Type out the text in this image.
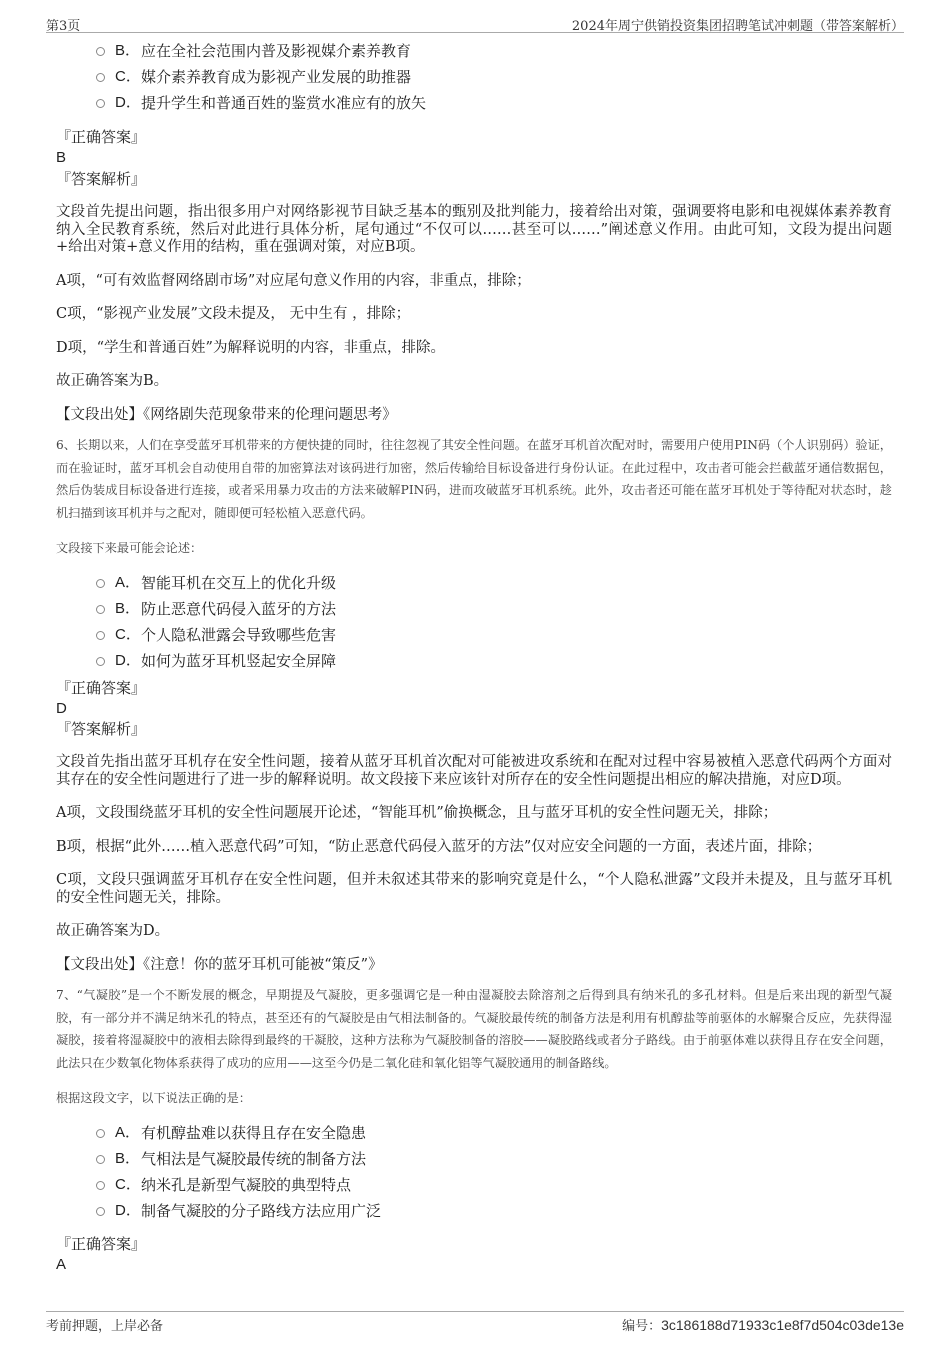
第3页	2024年周宁供销投资集团招聘笔试冲刺题（带答案解析）
B． 应在全社会范围内普及影视媒介素养教育
C． 媒介素养教育成为影视产业发展的助推器
D． 提升学生和普通百姓的鉴赏水准应有的放矢
『正确答案』
B
『答案解析』

文段首先提出问题，指出很多用户对网络影视节目缺乏基本的甄别及批判能力，接着给出对策，强调要将电影和电视媒体素养教育纳入全民教育系统，然后对此进行具体分析，尾句通过“不仅可以……甚至可以……”阐述意义作用。由此可知，文段为提出问题+给出对策+意义作用的结构，重在强调对策，对应B项。

A项，“可有效监督网络剧市场”对应尾句意义作用的内容，非重点，排除；

C项，“影视产业发展”文段未提及， 无中生有 ，排除；

D项，“学生和普通百姓”为解释说明的内容，非重点，排除。

故正确答案为B。

【文段出处】《网络剧失范现象带来的伦理问题思考》

6、长期以来，人们在享受蓝牙耳机带来的方便快捷的同时，往往忽视了其安全性问题。在蓝牙耳机首次配对时，需要用户使用PIN码（个人识别码）验证，而在验证时，蓝牙耳机会自动使用自带的加密算法对该码进行加密，然后传输给目标设备进行身份认证。在此过程中，攻击者可能会拦截蓝牙通信数据包，然后伪装成目标设备进行连接，或者采用暴力攻击的方法来破解PIN码，进而攻破蓝牙耳机系统。此外，攻击者还可能在蓝牙耳机处于等待配对状态时，趁机扫描到该耳机并与之配对，随即便可轻松植入恶意代码。

文段接下来最可能会论述：
A． 智能耳机在交互上的优化升级
B． 防止恶意代码侵入蓝牙的方法
C． 个人隐私泄露会导致哪些危害
D． 如何为蓝牙耳机竖起安全屏障
『正确答案』
D
『答案解析』

文段首先指出蓝牙耳机存在安全性问题，接着从蓝牙耳机首次配对可能被进攻系统和在配对过程中容易被植入恶意代码两个方面对其存在的安全性问题进行了进一步的解释说明。故文段接下来应该针对所存在的安全性问题提出相应的解决措施，对应D项。

A项，文段围绕蓝牙耳机的安全性问题展开论述，“智能耳机”偷换概念，且与蓝牙耳机的安全性问题无关，排除；

B项，根据“此外……植入恶意代码”可知，“防止恶意代码侵入蓝牙的方法”仅对应安全问题的一方面，表述片面，排除；

C项，文段只强调蓝牙耳机存在安全性问题，但并未叙述其带来的影响究竟是什么，“个人隐私泄露”文段并未提及，且与蓝牙耳机的安全性问题无关，排除。

故正确答案为D。

【文段出处】《注意！你的蓝牙耳机可能被“策反”》

7、“气凝胶”是一个不断发展的概念，早期提及气凝胶，更多强调它是一种由湿凝胶去除溶剂之后得到具有纳米孔的多孔材料。但是后来出现的新型气凝胶，有一部分并不满足纳米孔的特点，甚至还有的气凝胶是由气相法制备的。气凝胶最传统的制备方法是利用有机醇盐等前驱体的水解聚合反应，先获得湿凝胶，接着将湿凝胶中的液相去除得到最终的干凝胶，这种方法称为气凝胶制备的溶胶——凝胶路线或者分子路线。由于前驱体难以获得且存在安全问题，此法只在少数氧化物体系获得了成功的应用——这至今仍是二氧化硅和氧化铝等气凝胶通用的制备路线。

根据这段文字，以下说法正确的是：
A． 有机醇盐难以获得且存在安全隐患
B． 气相法是气凝胶最传统的制备方法
C． 纳米孔是新型气凝胶的典型特点
D． 制备气凝胶的分子路线方法应用广泛
『正确答案』
A
考前押题，上岸必备	编号：3c186188d71933c1e8f7d504c03de13e
